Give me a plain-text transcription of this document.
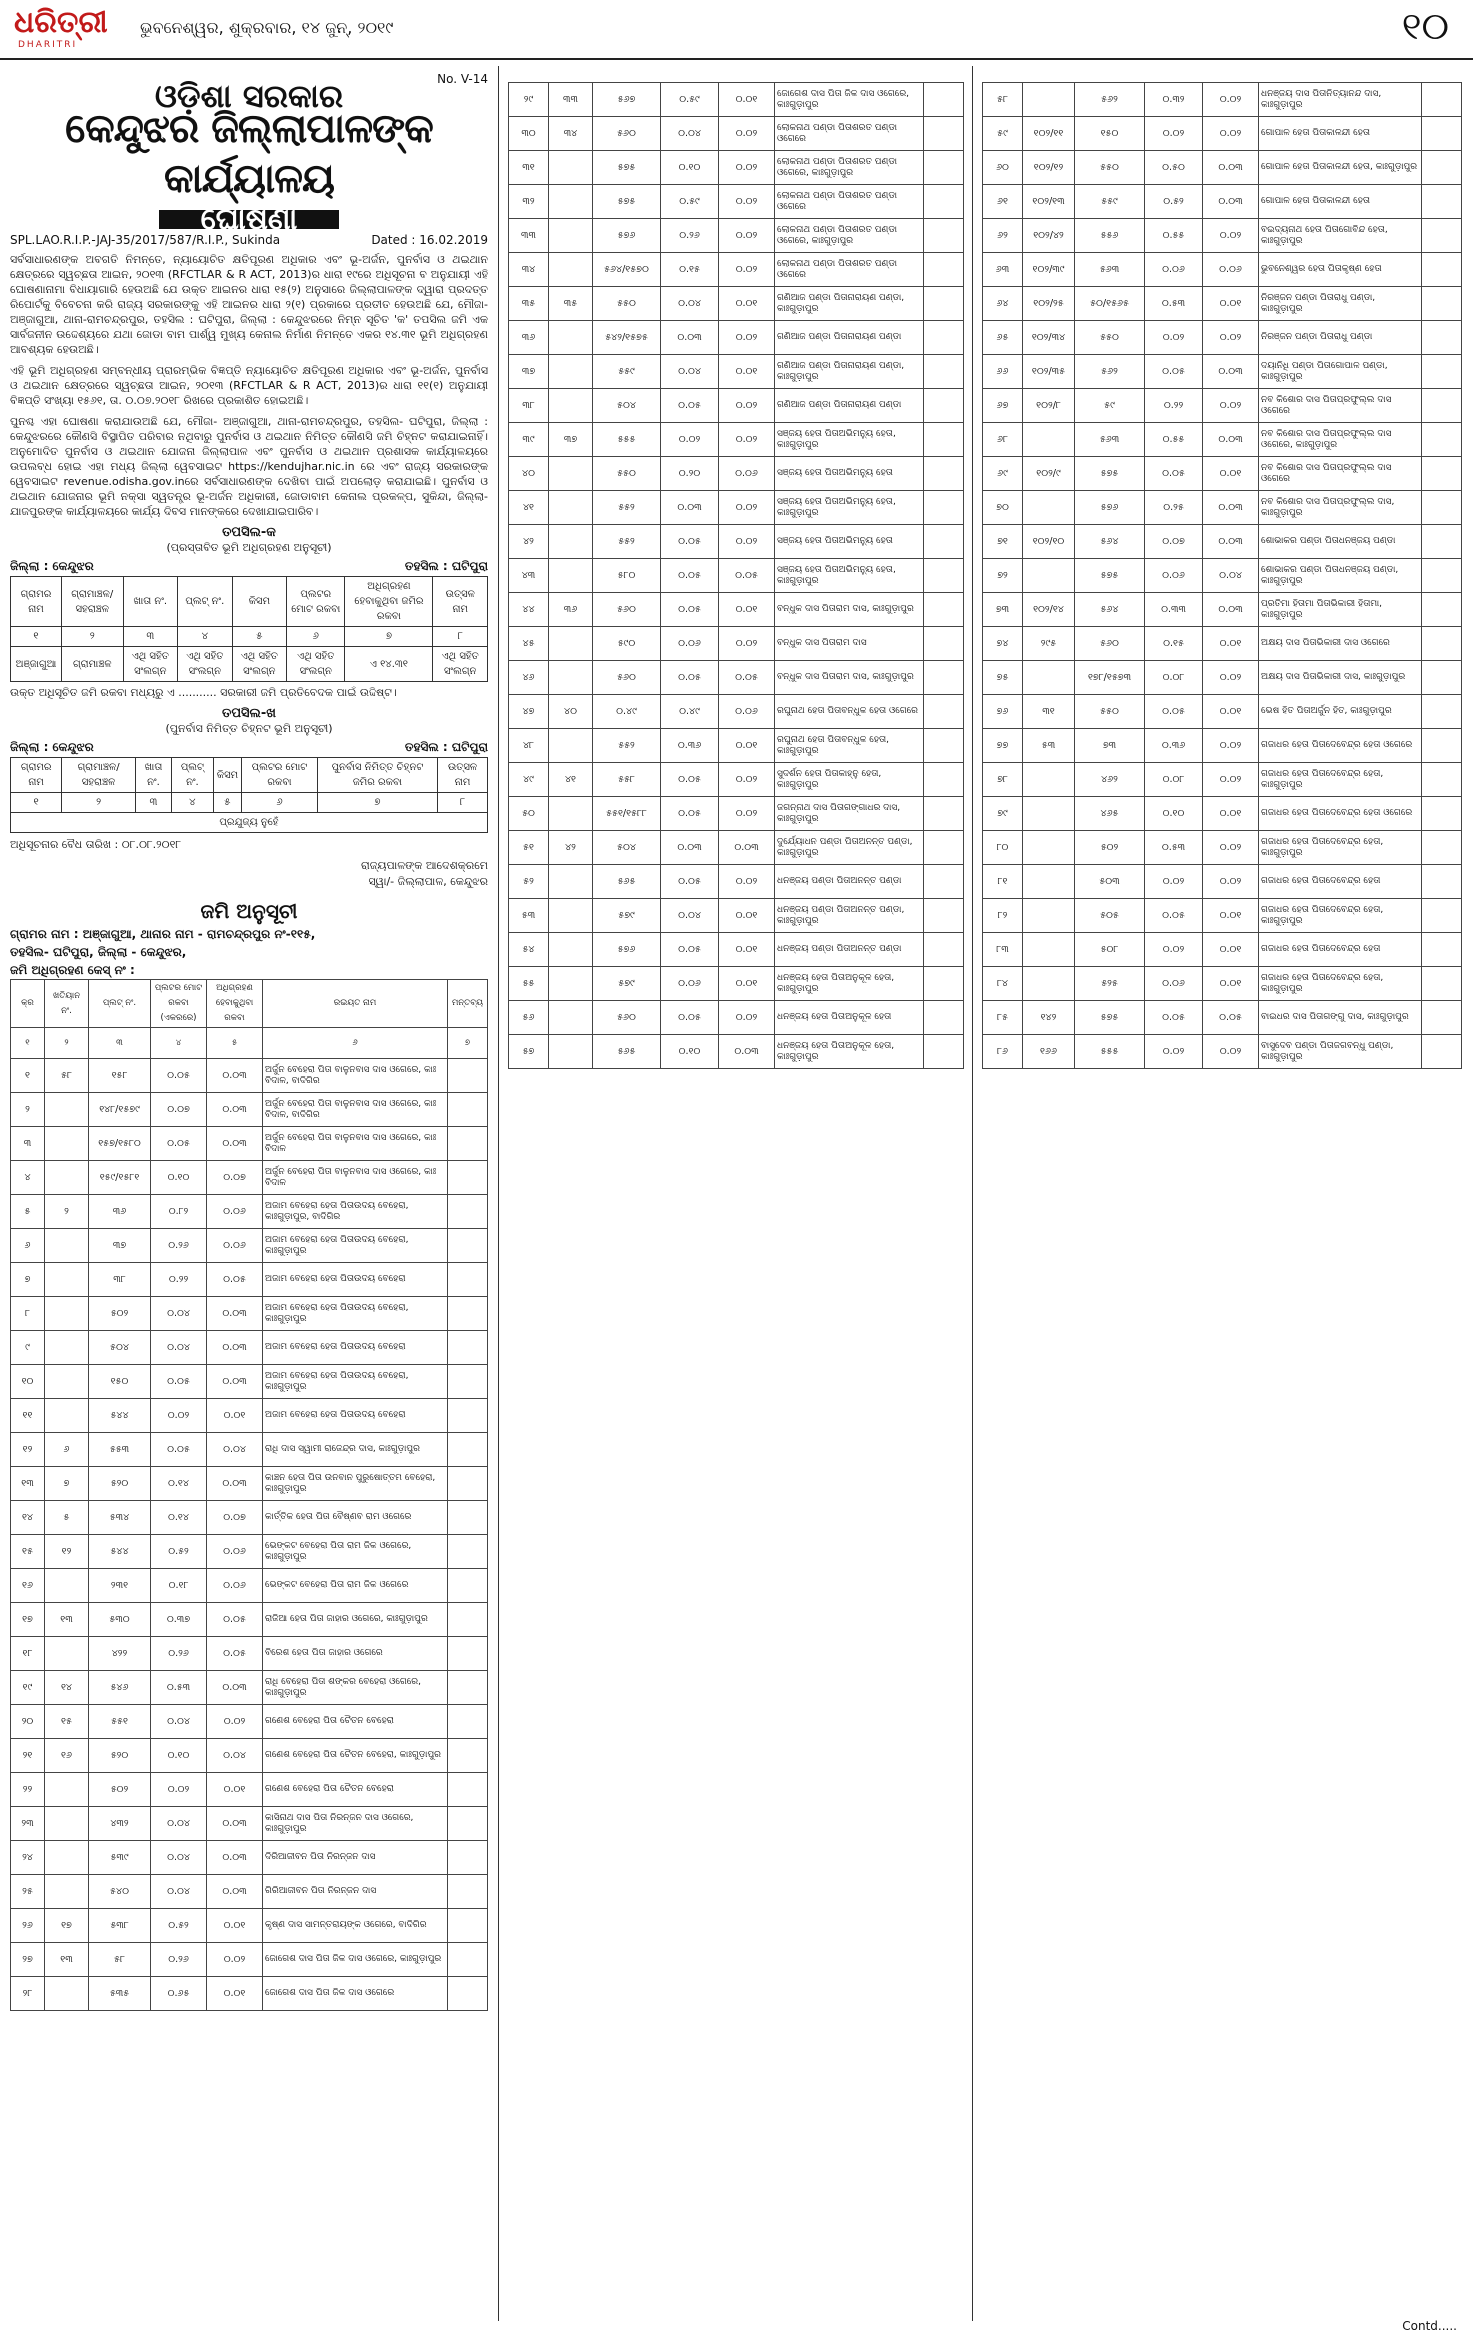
ଧରିତ୍ରୀ
DHARITRI
ଭୁବନେଶ୍ୱର, ଶୁକ୍ରବାର, ୧୪ ଜୁନ୍, ୨୦୧୯	୧୦
No. V-14
ଓଡ଼ିଶା ସରକାର
କେନ୍ଦୁଝର ଜିଲ୍ଲାପାଳଙ୍କ କାର୍ଯ୍ୟାଳୟ
ଘୋଷଣା
SPL.LAO.R.I.P.-JAJ-35/2017/587/R.I.P., Sukinda	Dated : 16.02.2019

ସର୍ବସାଧାରଣଙ୍କ ଅବଗତି ନିମନ୍ତେ, ନ୍ୟାୟୋଚିତ କ୍ଷତିପୂରଣ ଅଧିକାର ଏବଂ ଭୂ-ଅର୍ଜନ, ପୁନର୍ବାସ ଓ ଥଇଥାନ କ୍ଷେତ୍ରରେ ସ୍ୱଚ୍ଛତା ଆଇନ, ୨୦୧୩ (RFCTLAR & R ACT, 2013)ର ଧାରା ୧୯ରେ ଅଧିସୂଚନା ବ ଅନୁଯାୟୀ ଏହି ଘୋଷଣାନାମା ବିଧାୟାଗାରି ହେଉଅଛି ଯେ ଉକ୍ତ ଆଇନର ଧାରା ୧୫(୨) ଅନୁସାରେ ଜିଲ୍ଲାପାଳଙ୍କ ଦ୍ୱାରା ପ୍ରଦତ୍ତ ରିପୋର୍ଟକୁ ବିବେଚନା କରି ରାଜ୍ୟ ସରକାରଙ୍କୁ ଏହି ଆଇନର ଧାରା ୨(୧) ପ୍ରକାରେ ପ୍ରତୀତ ହେଉଅଛି ଯେ, ମୌଜା- ଅଞ୍ଜାଗୁଆ, ଥାନା-ରାମଚନ୍ଦ୍ରପୁର, ତହସିଲ : ଘଟିପୁରା, ଜିଲ୍ଲା : କେନ୍ଦୁଝରରେ ନିମ୍ନ ସୂଚିତ 'କ' ତପସିଲ ଜମି ଏକ ସାର୍ବଜନୀନ ଉଦ୍ଦେଶ୍ୟରେ ଯଥା ଜୋଡା ବାମ ପାର୍ଶ୍ୱ ମୁଖ୍ୟ କେନାଲ ନିର୍ମାଣ ନିମନ୍ତେ ଏକର ୧୪.୩୧ ଭୂମି ଅଧିଗ୍ରହଣ ଆବଶ୍ୟକ ହେଉଅଛି।

ଏହି ଭୂମି ଅଧିଗ୍ରହଣ ସମ୍ବନ୍ଧୀୟ ପ୍ରାରମ୍ଭିକ ବିଜ୍ଞପ୍ତି ନ୍ୟାୟୋଚିତ କ୍ଷତିପୂରଣ ଅଧିକାର ଏବଂ ଭୂ-ଅର୍ଜନ, ପୁନର୍ବାସ ଓ ଥଇଥାନ କ୍ଷେତ୍ରରେ ସ୍ୱଚ୍ଛତା ଆଇନ, ୨୦୧୩ (RFCTLAR & R ACT, 2013)ର ଧାରା ୧୧(୧) ଅନୁଯାୟୀ ବିଜ୍ଞପ୍ତି ସଂଖ୍ୟା ୧୫୬୧, ତା. ୦.୦୭.୨୦୧୮ ରିଖରେ ପ୍ରକାଶିତ ହୋଇଅଛି।

ପୁନଶ୍ଚ ଏହା ଘୋଷଣା କରାଯାଉଅଛି ଯେ, ମୌଜା- ଅଞ୍ଜାଗୁଆ, ଥାନା-ରାମଚନ୍ଦ୍ରପୁର, ତହସିଲ- ଘଟିପୁରା, ଜିଲ୍ଲା : କେନ୍ଦୁଝରରେ କୌଣସି ବିସ୍ଥାପିତ ପରିବାର ନଥିବାରୁ ପୁନର୍ବାସ ଓ ଥଇଥାନ ନିମିତ୍ତ କୌଣସି ଜମି ଚିହ୍ନଟ କରାଯାଇନାହିଁ। ଅନୁମୋଦିତ ପୁନର୍ବାସ ଓ ଥଇଥାନ ଯୋଜନା ଜିଲ୍ଲାପାଳ ଏବଂ ପୁନର୍ବାସ ଓ ଥଇଥାନ ପ୍ରଶାସକ କାର୍ଯ୍ୟାଳୟରେ ଉପଲବ୍ଧ ହୋଇ ଏହା ମଧ୍ୟ ଜିଲ୍ଲା ୱେବସାଇଟ https://kendujhar.nic.in ରେ ଏବଂ ରାଜ୍ୟ ସରକାରଙ୍କ ୱେବସାଇଟ revenue.odisha.gov.inରେ ସର୍ବସାଧାରଣଙ୍କ ଦେଖିବା ପାଇଁ ଅପଲୋଡ଼ କରାଯାଇଛି। ପୁନର୍ବାସ ଓ ଥଇଥାନ ଯୋଜନାର ଭୂମି ନକ୍ସା ସ୍ୱତନ୍ତ୍ର ଭୂ-ଅର୍ଜନ ଅଧିକାରୀ, ଜୋଡାବାମ କେନାଲ ପ୍ରକଳ୍ପ, ସୁକିନ୍ଦା, ଜିଲ୍ଲା-ଯାଜପୁରଙ୍କ କାର୍ଯ୍ୟାଳୟରେ କାର୍ଯ୍ୟ ଦିବସ ମାନଙ୍କରେ ଦେଖାଯାଇପାରିବ।

ତପସିଲ-କ
(ପ୍ରସ୍ତାବିତ ଭୂମି ଅଧିଗ୍ରହଣ ଅନୁସୂଚୀ)
ଜିଲ୍ଲା : କେନ୍ଦୁଝର	ତହସିଲ : ଘଟିପୁରା
ଗ୍ରାମର ନାମ	ଗ୍ରାମାଞ୍ଚଳ/ସହରାଞ୍ଚଳ	ଖାତା ନଂ.	ପ୍ଲଟ୍ ନଂ.	କିସମ	ପ୍ଲଟର ମୋଟ ରକବା	ଅଧିଗ୍ରହଣ ହେବାକୁଥିବା ଜମିର ରକବା	ଉତ୍ସଳ ନାମ
୧	୨	୩	୪	୫	୬	୭	୮
ଅଞ୍ଜାଗୁଆ	ଗ୍ରାମାଞ୍ଚଳ	ଏଥି ସହିତ ସଂଲଗ୍ନ	ଏଥି ସହିତ ସଂଲଗ୍ନ	ଏଥି ସହିତ ସଂଲଗ୍ନ	ଏଥି ସହିତ ସଂଲଗ୍ନ	ଏ ୧୪.୩୧	ଏଥି ସହିତ ସଂଲଗ୍ନ
ଉକ୍ତ ଅଧିସୂଚିତ ଜମି ରକବା ମଧ୍ୟରୁ ଏ ........... ସରକାରୀ ଜମି ପ୍ରତିବେଦକ ପାଇଁ ଉଦ୍ଦିଷ୍ଟ।
ତପସିଲ-ଖ
(ପୁନର୍ବାସ ନିମିତ୍ତ ଚିହ୍ନଟ ଭୂମି ଅନୁସୂଚୀ)
ଜିଲ୍ଲା : କେନ୍ଦୁଝର	ତହସିଲ : ଘଟିପୁରା
ଗ୍ରାମର ନାମ	ଗ୍ରାମାଞ୍ଚଳ/ସହରାଞ୍ଚଳ	ଖାତା ନଂ.	ପ୍ଲଟ୍ ନଂ.	କିସମ	ପ୍ଲଟର ମୋଟ ରକବା	ପୁନର୍ବାସ ନିମିତ୍ତ ଚିହ୍ନଟ ଜମିର ରକବା	ଉତ୍ସଳ ନାମ
୧	୨	୩	୪	୫	୬	୭	୮
ପ୍ରଯୁଜ୍ୟ ନୁହେଁ							
ଅଧିସୂଚନାର ବୈଧ ତାରିଖ : ୦୮.୦୮.୨୦୧୮
ରାଜ୍ୟପାଳଙ୍କ ଆଦେଶକ୍ରମେ
ସ୍ୱା/- ଜିଲ୍ଲାପାଳ, କେନ୍ଦୁଝର
ଜମି ଅନୁସୂଚୀ
ଗ୍ରାମର ନାମ : ଅଞ୍ଜାଗୁଆ, ଥାନାର ନାମ - ରାମଚନ୍ଦ୍ରପୁର ନଂ-୧୧୫,
ତହସିଲ- ଘଟିପୁରା, ଜିଲ୍ଲା - କେନ୍ଦୁଝର,
ଜମି ଅଧିଗ୍ରହଣ କେସ୍ ନଂ :
କ୍ର	ଖତିୟାନ ନଂ.	ପ୍ଲଟ୍ ନଂ.	ପ୍ଲଟର ମୋଟ ରକବା (ଏକରରେ)	ଅଧିଗ୍ରହଣ ହେବାକୁଥିବା ରକବା	ରଇୟତ ନାମ	ମନ୍ତବ୍ୟ
୧	୨	୩	୪	୫	୬	୭
୧	୫୮	୧୫୮	୦.୦୫	୦.୦୩	ଅର୍ଜୁନ ବେହେରା ପିତା ବାଳୁନବାସ ଦାସ ଓଗେରେ, କାଃ ବିଦାଳ, ବାଦିଗିର	
୨		୧୪୮/୧୫୭୯	୦.୦୭	୦.୦୩	ଅର୍ଜୁନ ବେହେରା ପିତା ବାଳୁନବାସ ଦାସ ଓଗେରେ, କାଃ ବିଦାଳ, ବାଦିଗିର	
୩		୧୫୭/୧୫୮୦	୦.୦୫	୦.୦୩	ଅର୍ଜୁନ ବେହେରା ପିତା ବାଳୁନବାସ ଦାସ ଓଗେରେ, କାଃ ବିଦାଳ	
୪		୧୫୯/୧୫୮୧	୦.୧୦	୦.୦୭	ଅର୍ଜୁନ ବେହେରା ପିତା ବାଳୁନବାସ ଦାସ ଓଗେରେ, କାଃ ବିଦାଳ	
୫	୨	୩୬	୦.୮୨	୦.୦୬	ଅଜାମ ବେହେରା ହେତା ପିତାଉଦୟ ବେହେରା, କାଃଗୁଡ଼ାପୁର, ବାଦିଗିର	
୬		୩୭	୦.୨୬	୦.୦୬	ଅଜାମ ବେହେରା ହେତା ପିତାଉଦୟ ବେହେରା, କାଃଗୁଡ଼ାପୁର	
୭		୩୮	୦.୨୨	୦.୦୫	ଅଜାମ ବେହେରା ହେତା ପିତାଉଦୟ ବେହେରା	
୮		୫୦୨	୦.୦୪	୦.୦୩	ଅଜାମ ବେହେରା ହେତା ପିତାଉଦୟ ବେହେରା, କାଃଗୁଡ଼ାପୁର	
୯		୫୦୪	୦.୦୪	୦.୦୩	ଅଜାମ ବେହେରା ହେତା ପିତାଉଦୟ ବେହେରା	
୧୦		୧୫୦	୦.୦୫	୦.୦୩	ଅଜାମ ବେହେରା ହେତା ପିତାଉଦୟ ବେହେରା, କାଃଗୁଡ଼ାପୁର	
୧୧		୫୪୪	୦.୦୨	୦.୦୧	ଅଜାମ ବେହେରା ହେତା ପିତାଉଦୟ ବେହେରା	
୧୨	୬	୫୫୩	୦.୦୫	୦.୦୪	ରାଧି ଦାସ ସ୍ୱାମୀ ରାଜେନ୍ଦ୍ର ଦାସ, କାଃଗୁଡ଼ାପୁର	
୧୩	୭	୫୨୦	୦.୧୪	୦.୦୩	କାଞ୍ଚନ ହେତା ପିତା ଉନବାନ ପୁରୁଷୋତ୍ତମ ବେହେରା, କାଃଗୁଡ଼ାପୁର	
୧୪	୫	୫୩୪	୦.୧୪	୦.୦୭	କାର୍ତ୍ତିକ ହେତା ପିତା ବୈଷ୍ଣବ ରାମ ଓଗେରେ	
୧୫	୧୨	୫୪୪	୦.୫୨	୦.୦୬	ଭେଙ୍କଟ ବେହେରା ପିତା ରାମ ଜିକ ଓଗେରେ, କାଃଗୁଡ଼ାପୁର	
୧୬		୨୩୧	୦.୧୮	୦.୦୬	ଭେଙ୍କଟ ବେହେରା ପିତା ରାମ ଜିକ ଓଗେରେ	
୧୭	୧୩	୫୩୦	୦.୩୭	୦.୦୫	ରାଜିଆ ହେତା ପିତା ଜାହାର ଓଗେରେ, କାଃଗୁଡ଼ାପୁର	
୧୮		୪୨୨	୦.୨୬	୦.୦୫	ବିରେଶ ହେତା ପିତା ଜାହାର ଓଗେରେ	
୧୯	୧୪	୫୪୬	୦.୫୩	୦.୦୩	ରାଧି ବେହେରା ପିତା ଶଙ୍କର ବେହେରା ଓଗେରେ, କାଃଗୁଡ଼ାପୁର	
୨୦	୧୫	୫୫୧	୦.୦୪	୦.୦୨	ଗଣେଶ ବେହେରା ପିତା ଚୈତନ ବେହେରା	
୨୧	୧୬	୫୨୦	୦.୧୦	୦.୦୪	ଗଣେଶ ବେହେରା ପିତା ଚୈତନ ବେହେରା, କାଃଗୁଡ଼ାପୁର	
୨୨		୫୦୨	୦.୦୨	୦.୦୧	ଗଣେଶ ବେହେରା ପିତା ଚୈତନ ବେହେରା	
୨୩		୪୩୨	୦.୦୪	୦.୦୩	କାସିନାଥ ଦାସ ପିତା ନିରନ୍ଜନ ଦାସ ଓଗେରେ, କାଃଗୁଡ଼ାପୁର	
୨୪		୫୩୯	୦.୦୪	୦.୦୩	ଦିରିଆଜୀବନ ପିତା ନିରନ୍ଜନ ଦାସ	
୨୫		୫୪୦	୦.୦୪	୦.୦୩	ଗିରିଆଜୀବନ ପିତା ନିରନ୍ଜନ ଦାସ	
୨୬	୧୭	୫୩୮	୦.୫୨	୦.୦୧	କୃଷ୍ଣ ଦାସ ସାମନ୍ତରାୟଙ୍କ ଓଗେରେ, ବାଦିଗିର	
୨୭	୧୩	୫୮	୦.୨୬	୦.୦୨	ଜୋଗେଶ ଦାସ ପିତା ଜିକ ଦାସ ଓଗେରେ, କାଃଗୁଡ଼ାପୁର	
୨୮		୫୩୫	୦.୬୫	୦.୦୧	ଜୋଗେଶ ଦାସ ପିତା ଜିକ ଦାସ ଓଗେରେ	
୨୯	୩୩	୫୬୭	୦.୫୯	୦.୦୧	ଜୋଗେଶ ଦାସ ପିତା ଜିକ ଦାସ ଓଗେରେ, କାଃଗୁଡ଼ାପୁର	
୩୦	୩୪	୫୬୦	୦.୦୪	୦.୦୨	ଲୋକନାଥ ପଣ୍ଡା ପିତାଶରତ ପଣ୍ଡା ଓଗେରେ	
୩୧		୫୭୫	୦.୧୦	୦.୦୨	ଲୋକନାଥ ପଣ୍ଡା ପିତାଶରତ ପଣ୍ଡା ଓଗେରେ, କାଃଗୁଡ଼ାପୁର	
୩୨		୫୭୫	୦.୫୯	୦.୦୨	ଲୋକନାଥ ପଣ୍ଡା ପିତାଶରତ ପଣ୍ଡା ଓଗେରେ	
୩୩		୫୭୬	୦.୨୬	୦.୦୨	ଲୋକନାଥ ପଣ୍ଡା ପିତାଶରତ ପଣ୍ଡା ଓଗେରେ, କାଃଗୁଡ଼ାପୁର	
୩୪		୫୬୪/୧୫୭୦	୦.୧୫	୦.୦୨	ଲୋକନାଥ ପଣ୍ଡା ପିତାଶରତ ପଣ୍ଡା ଓଗେରେ	
୩୫	୩୫	୫୫୦	୦.୦୪	୦.୦୧	ଗଣିଆଜ ପଣ୍ଡା ପିତାନାରାୟଣ ପଣ୍ଡା, କାଃଗୁଡ଼ାପୁର	
୩୬		୫୪୨/୧୫୭୫	୦.୦୩	୦.୦୨	ଗଣିଆଜ ପଣ୍ଡା ପିତାନାରାୟଣ ପଣ୍ଡା	
୩୭		୫୫୯	୦.୦୪	୦.୦୧	ଗଣିଆଜ ପଣ୍ଡା ପିତାନାରାୟଣ ପଣ୍ଡା, କାଃଗୁଡ଼ାପୁର	
୩୮		୫୦୪	୦.୦୫	୦.୦୨	ଗଣିଆଜ ପଣ୍ଡା ପିତାନାରାୟଣ ପଣ୍ଡା	
୩୯	୩୭	୫୫୫	୦.୦୨	୦.୦୨	ସଞ୍ଜୟ ହେତା ପିତାଅଭିମନ୍ୟୁ ହେତା, କାଃଗୁଡ଼ାପୁର	
୪୦		୫୫୦	୦.୨୦	୦.୦୬	ସଞ୍ଜୟ ହେତା ପିତାଅଭିମନ୍ୟୁ ହେତା	
୪୧		୫୫୨	୦.୦୩	୦.୦୨	ସଞ୍ଜୟ ହେତା ପିତାଅଭିମନ୍ୟୁ ହେତା, କାଃଗୁଡ଼ାପୁର	
୪୨		୫୫୨	୦.୦୫	୦.୦୨	ସଞ୍ଜୟ ହେତା ପିତାଅଭିମନ୍ୟୁ ହେତା	
୪୩		୫୮୦	୦.୦୫	୦.୦୫	ସଞ୍ଜୟ ହେତା ପିତାଅଭିମନ୍ୟୁ ହେତା, କାଃଗୁଡ଼ାପୁର	
୪୪	୩୬	୫୬୦	୦.୦୫	୦.୦୧	ବନ୍ଧୁକ ଦାସ ପିତାରାମ ଦାସ, କାଃଗୁଡ଼ାପୁର	
୪୫		୫୯୦	୦.୦୬	୦.୦୨	ବନ୍ଧୁକ ଦାସ ପିତାରାମ ଦାସ	
୪୬		୫୬୦	୦.୦୫	୦.୦୫	ବନ୍ଧୁକ ଦାସ ପିତାରାମ ଦାସ, କାଃଗୁଡ଼ାପୁର	
୪୭	୪୦	୦.୪୯	୦.୪୯	୦.୦୬	ରଘୁନାଥ ହେତା ପିତାବନ୍ଧୁକ ହେତା ଓଗେରେ	
୪୮		୫୫୨	୦.୩୬	୦.୦୧	ରଘୁନାଥ ହେତା ପିତାବନ୍ଧୁକ ହେତା, କାଃଗୁଡ଼ାପୁର	
୪୯	୪୧	୫୫୮	୦.୦୫	୦.୦୨	ସୁଦର୍ଶନ ହେତା ପିତାକାହ୍ନୁ ହେତା, କାଃଗୁଡ଼ାପୁର	
୫୦		୫୫୧/୧୫୮୮	୦.୦୫	୦.୦୨	ଜଗନ୍ନାଥ ଦାସ ପିତାଗଙ୍ଗାଧର ଦାସ, କାଃଗୁଡ଼ାପୁର	
୫୧	୪୨	୫୦୪	୦.୦୩	୦.୦୩	ଦୁର୍ଯ୍ୟୋଧନ ପଣ୍ଡା ପିତାଅନନ୍ତ ପଣ୍ଡା, କାଃଗୁଡ଼ାପୁର	
୫୨		୫୬୫	୦.୦୫	୦.୦୨	ଧନଞ୍ଜୟ ପଣ୍ଡା ପିତାଅନନ୍ତ ପଣ୍ଡା	
୫୩		୫୭୯	୦.୦୪	୦.୦୧	ଧନଞ୍ଜୟ ପଣ୍ଡା ପିତାଅନନ୍ତ ପଣ୍ଡା, କାଃଗୁଡ଼ାପୁର	
୫୪		୫୭୬	୦.୦୫	୦.୦୧	ଧନଞ୍ଜୟ ପଣ୍ଡା ପିତାଅନନ୍ତ ପଣ୍ଡା	
୫୫		୫୭୯	୦.୦୬	୦.୦୧	ଧନଞ୍ଜୟ ହେତା ପିତାଅନୁକୂଳ ହେତା, କାଃଗୁଡ଼ାପୁର	
୫୬		୫୬୦	୦.୦୫	୦.୦୨	ଧନଞ୍ଜୟ ହେତା ପିତାଅନୁକୂଳ ହେତା	
୫୭		୫୬୫	୦.୧୦	୦.୦୩	ଧନଞ୍ଜୟ ହେତା ପିତାଅନୁକୂଳ ହେତା, କାଃଗୁଡ଼ାପୁର	
୫୮		୫୬୨	୦.୩୨	୦.୦୨	ଧନଞ୍ଜୟ ଦାସ ପିତାନିତ୍ୟାନନ୍ଦ ଦାସ, କାଃଗୁଡ଼ାପୁର	
୫୯	୧୦୨/୧୧	୧୫୦	୦.୦୨	୦.୦୨	ଗୋପାଳ ହେତା ପିତାକାଳନ୍ଦୀ ହେତା	
୬୦	୧୦୨/୧୨	୫୫୦	୦.୫୦	୦.୦୩	ଗୋପାଳ ହେତା ପିତାକାଳନ୍ଦୀ ହେତା, କାଃଗୁଡ଼ାପୁର	
୬୧	୧୦୨/୧୩	୫୫୯	୦.୫୨	୦.୦୩	ଗୋପାଳ ହେତା ପିତାକାଳନ୍ଦୀ ହେତା	
୬୨	୧୦୨/୪୨	୫୫୬	୦.୫୫	୦.୦୨	ବଇଦ୍ୟନାଥ ହେତା ପିତାଗୋବିନ୍ଦ ହେତା, କାଃଗୁଡ଼ାପୁର	
୬୩	୧୦୨/୩୯	୫୬୩	୦.୦୬	୦.୦୬	ଭୁବନେଶ୍ୱର ହେତା ପିତାକୃଷ୍ଣ ହେତା	
୬୪	୧୦୨/୨୫	୫୦/୧୫୬୫	୦.୫୩	୦.୦୧	ନିରଞ୍ଜନ ପଣ୍ଡା ପିତାରାଧୁ ପଣ୍ଡା, କାଃଗୁଡ଼ାପୁର	
୬୫	୧୦୨/୩୪	୫୫୦	୦.୦୨	୦.୦୨	ନିରଞ୍ଜନ ପଣ୍ଡା ପିତାରାଧୁ ପଣ୍ଡା	
୬୬	୧୦୨/୩୫	୫୬୨	୦.୦୫	୦.୦୩	ଦୟାନିଧି ପଣ୍ଡା ପିତାଗୋପାଳ ପଣ୍ଡା, କାଃଗୁଡ଼ାପୁର	
୬୭	୧୦୨/୮	୫୯	୦.୨୨	୦.୦୨	ନବ କିଶୋର ଦାସ ପିତାପ୍ରଫୁଲ୍ଲ ଦାସ ଓଗେରେ	
୬୮		୫୬୩	୦.୫୫	୦.୦୩	ନବ କିଶୋର ଦାସ ପିତାପ୍ରଫୁଲ୍ଲ ଦାସ ଓଗେରେ, କାଃଗୁଡ଼ାପୁର	
୬୯	୧୦୨/୯	୫୭୫	୦.୦୫	୦.୦୧	ନବ କିଶୋର ଦାସ ପିତାପ୍ରଫୁଲ୍ଲ ଦାସ ଓଗେରେ	
୭୦		୫୭୬	୦.୨୫	୦.୦୩	ନବ କିଶୋର ଦାସ ପିତାପ୍ରଫୁଲ୍ଲ ଦାସ, କାଃଗୁଡ଼ାପୁର	
୭୧	୧୦୨/୧୦	୫୬୪	୦.୦୭	୦.୦୩	ଶୋଭାକର ପଣ୍ଡା ପିତାଧନଞ୍ଜୟ ପଣ୍ଡା	
୭୨		୫୭୫	୦.୦୬	୦.୦୪	ଶୋଭାକର ପଣ୍ଡା ପିତାଧନଞ୍ଜୟ ପଣ୍ଡା, କାଃଗୁଡ଼ାପୁର	
୭୩	୧୦୨/୧୪	୫୬୪	୦.୩୩	୦.୦୩	ପ୍ରତିମା ହିତାମା ପିତାଭିକାରୀ ହିତାମା, କାଃଗୁଡ଼ାପୁର	
୭୪	୨୯୫	୫୬୦	୦.୧୫	୦.୦୧	ଅକ୍ଷୟ ଦାସ ପିତାଭିକାରୀ ଦାସ ଓଗେରେ	
୭୫		୧୭୮/୧୫୭୩	୦.୦୮	୦.୦୨	ଅକ୍ଷୟ ଦାସ ପିତାଭିକାରୀ ଦାସ, କାଃଗୁଡ଼ାପୁର	
୭୬	୩୧	୫୫୦	୦.୦୫	୦.୦୧	ଭେଷ ହିତ ପିତାଅର୍ଜୁନ ହିତ, କାଃଗୁଡ଼ାପୁର	
୭୭	୫୩	୭୩	୦.୩୬	୦.୦୨	ଗଜାଧର ହେତା ପିତାଦେବେନ୍ଦ୍ର ହେତା ଓଗେରେ	
୭୮		୪୬୨	୦.୦୮	୦.୦୨	ଗଜାଧର ହେତା ପିତାଦେବେନ୍ଦ୍ର ହେତା, କାଃଗୁଡ଼ାପୁର	
୭୯		୪୬୫	୦.୧୦	୦.୦୧	ଗଜାଧର ହେତା ପିତାଦେବେନ୍ଦ୍ର ହେତା ଓଗେରେ	
୮୦		୫୦୨	୦.୫୩	୦.୦୨	ଗଜାଧର ହେତା ପିତାଦେବେନ୍ଦ୍ର ହେତା, କାଃଗୁଡ଼ାପୁର	
୮୧		୫୦୩	୦.୦୨	୦.୦୨	ଗଜାଧର ହେତା ପିତାଦେବେନ୍ଦ୍ର ହେତା	
୮୨		୫୦୫	୦.୦୫	୦.୦୧	ଗଜାଧର ହେତା ପିତାଦେବେନ୍ଦ୍ର ହେତା, କାଃଗୁଡ଼ାପୁର	
୮୩		୫୦୮	୦.୦୨	୦.୦୧	ଗଜାଧର ହେତା ପିତାଦେବେନ୍ଦ୍ର ହେତା	
୮୪		୫୨୫	୦.୦୬	୦.୦୧	ଗଜାଧର ହେତା ପିତାଦେବେନ୍ଦ୍ର ହେତା, କାଃଗୁଡ଼ାପୁର	
୮୫	୧୪୨	୫୭୫	୦.୦୫	୦.୦୫	ବାଇଧର ଦାସ ପିତାଗଙ୍ଗୁ ଦାସ, କାଃଗୁଡ଼ାପୁର	
୮୬	୧୬୬	୫୫୫	୦.୦୨	୦.୦୨	ବାସୁଦେବ ପଣ୍ଡା ପିତାଜଗବନ୍ଧୁ ପଣ୍ଡା, କାଃଗୁଡ଼ାପୁର	
Contd.....
